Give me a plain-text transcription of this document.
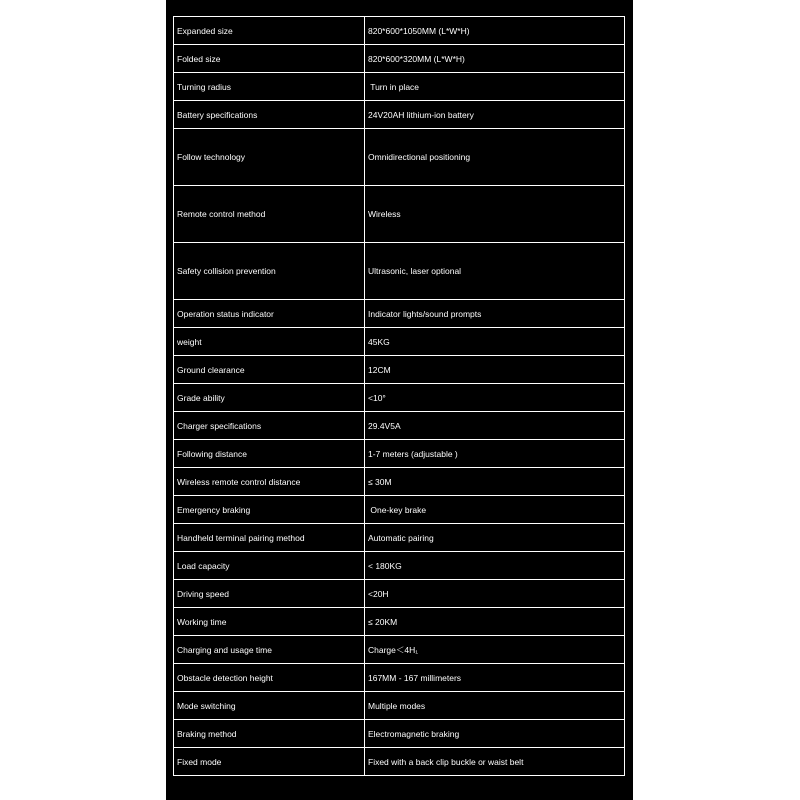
Expanded size	820*600*1050MM (L*W*H)
Folded size	820*600*320MM (L*W*H)
Turning radius	Turn in place
Battery specifications	24V20AH lithium-ion battery
Follow technology	Omnidirectional positioning
Remote control method	Wireless
Safety collision prevention	Ultrasonic, laser optional
Operation status indicator	Indicator lights/sound prompts
weight	45KG
Ground clearance	12CM
Grade ability	<10°
Charger specifications	29.4V5A
Following distance	1-7 meters (adjustable )
Wireless remote control distance	≤ 30M
Emergency braking	One-key brake
Handheld terminal pairing method	Automatic pairing
Load capacity	< 180KG
Driving speed	<20H
Working time	≤ 20KM
Charging and usage time	Charge＜4H₁
Obstacle detection height	167MM - 167 millimeters
Mode switching	Multiple modes
Braking method	Electromagnetic braking
Fixed mode	Fixed with a back clip buckle or waist belt
